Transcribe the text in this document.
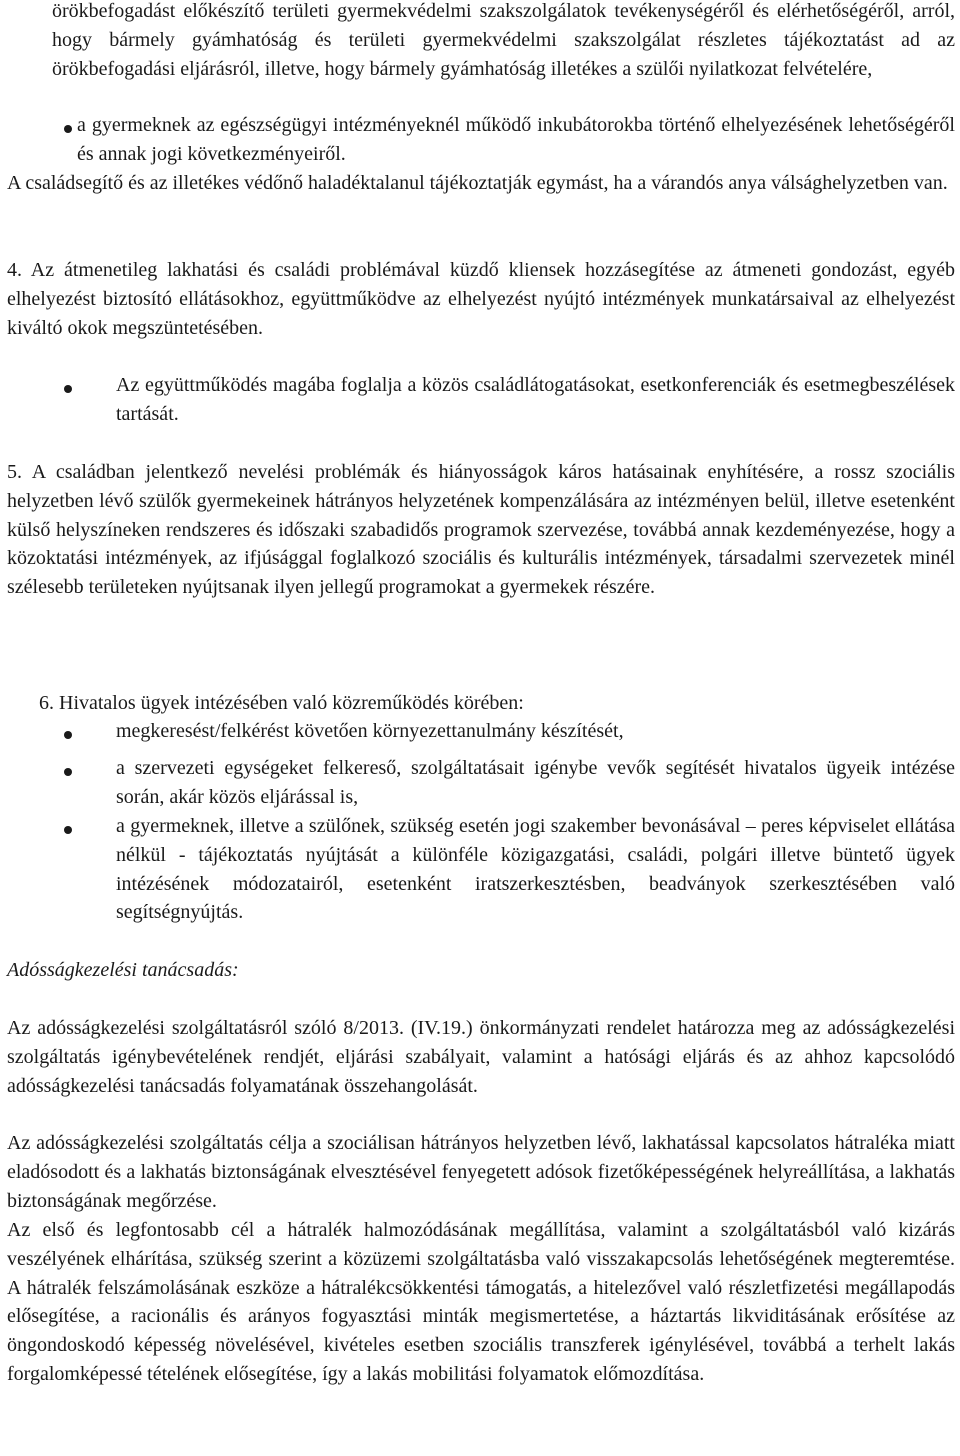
örökbefogadást előkészítő területi gyermekvédelmi szakszolgálatok tevékenységéről és elérhetőségéről, arról, hogy bármely gyámhatóság és területi gyermekvédelmi szakszolgálat részletes tájékoztatást ad az örökbefogadási eljárásról, illetve, hogy bármely gyámhatóság illetékes a szülői nyilatkozat felvételére,

a gyermeknek az egészségügyi intézményeknél működő inkubátorokba történő elhelyezésének lehetőségéről és annak jogi következményeiről.

A családsegítő és az illetékes védőnő haladéktalanul tájékoztatják egymást, ha a várandós anya válsághelyzetben van.

4. Az átmenetileg lakhatási és családi problémával küzdő kliensek hozzásegítése az átmeneti gondozást, egyéb elhelyezést biztosító ellátásokhoz, együttműködve az elhelyezést nyújtó intézmények munkatársaival az elhelyezést kiváltó okok megszüntetésében.

Az együttműködés magába foglalja a közös családlátogatásokat, esetkonferenciák és esetmegbeszélések tartását.

5. A családban jelentkező nevelési problémák és hiányosságok káros hatásainak enyhítésére, a rossz szociális helyzetben lévő szülők gyermekeinek hátrányos helyzetének kompenzálására az intézményen belül, illetve esetenként külső helyszíneken rendszeres és időszaki szabadidős programok szervezése, továbbá annak kezdeményezése, hogy a közoktatási intézmények, az ifjúsággal foglalkozó szociális és kulturális intézmények, társadalmi szervezetek minél szélesebb területeken nyújtsanak ilyen jellegű programokat a gyermekek részére.

6. Hivatalos ügyek intézésében való közreműködés körében:

megkeresést/felkérést követően környezettanulmány készítését,

a szervezeti egységeket felkereső, szolgáltatásait igénybe vevők segítését hivatalos ügyeik intézése során, akár közös eljárással is,

a gyermeknek, illetve a szülőnek, szükség esetén jogi szakember bevonásával – peres képviselet ellátása nélkül - tájékoztatás nyújtását a különféle közigazgatási, családi, polgári illetve büntető ügyek intézésének módozatairól, esetenként iratszerkesztésben, beadványok szerkesztésében való segítségnyújtás.

Adósságkezelési tanácsadás:

Az adósságkezelési szolgáltatásról szóló 8/2013. (IV.19.) önkormányzati rendelet határozza meg az adósságkezelési szolgáltatás igénybevételének rendjét, eljárási szabályait, valamint a hatósági eljárás és az ahhoz kapcsolódó adósságkezelési tanácsadás folyamatának összehangolását.

Az adósságkezelési szolgáltatás célja a szociálisan hátrányos helyzetben lévő, lakhatással kapcsolatos hátraléka miatt eladósodott és a lakhatás biztonságának elvesztésével fenyegetett adósok fizetőképességének helyreállítása, a lakhatás biztonságának megőrzése.

Az első és legfontosabb cél a hátralék halmozódásának megállítása, valamint a szolgáltatásból való kizárás veszélyének elhárítása, szükség szerint a közüzemi szolgáltatásba való visszakapcsolás lehetőségének megteremtése. A hátralék felszámolásának eszköze a hátralékcsökkentési támogatás, a hitelezővel való részletfizetési megállapodás elősegítése, a racionális és arányos fogyasztási minták megismertetése, a háztartás likviditásának erősítése az öngondoskodó képesség növelésével, kivételes esetben szociális transzferek igénylésével, továbbá a terhelt lakás forgalomképessé tételének elősegítése, így a lakás mobilitási folyamatok előmozdítása.
